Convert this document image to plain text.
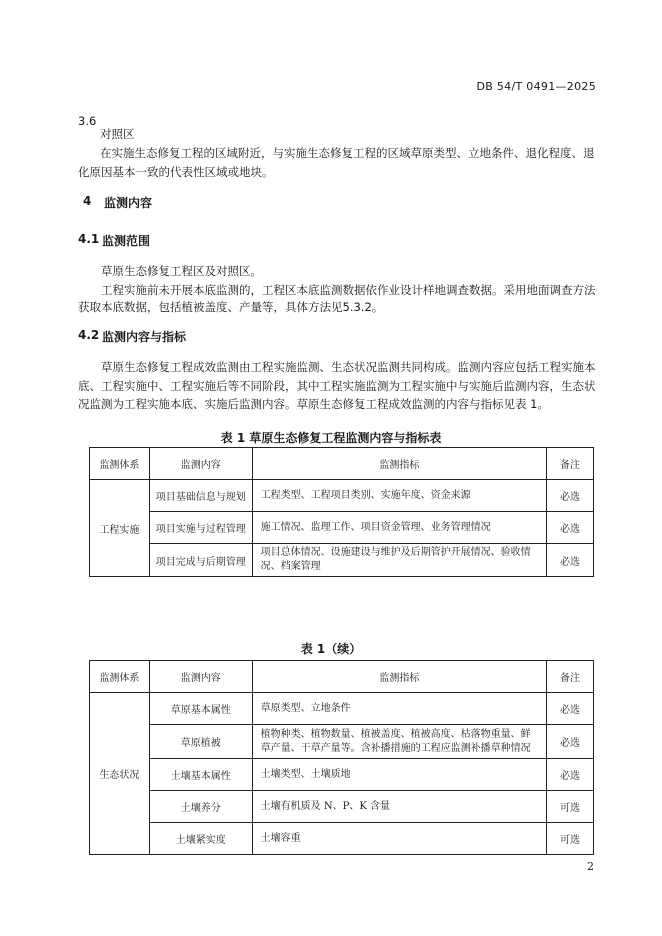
DB 54/T 0491—2025
3.6
对照区
在实施生态修复工程的区域附近，与实施生态修复工程的区域草原类型、立地条件、退化程度、退
化原因基本一致的代表性区域或地块。
4 监测内容
4.1 监测范围
草原生态修复工程区及对照区。
工程实施前未开展本底监测的，工程区本底监测数据依作业设计样地调查数据。采用地面调查方法
获取本底数据，包括植被盖度、产量等，具体方法见5.3.2。
4.2 监测内容与指标
草原生态修复工程成效监测由工程实施监测、生态状况监测共同构成。监测内容应包括工程实施本
底、工程实施中、工程实施后等不同阶段，其中工程实施监测为工程实施中与实施后监测内容，生态状
况监测为工程实施本底、实施后监测内容。草原生态修复工程成效监测的内容与指标见表 1。
表 1 草原生态修复工程监测内容与指标表
监测体系	监测内容	监测指标	备注
工程实施	项目基础信息与规划	工程类型、工程项目类别、实施年度、资金来源	必选
	项目实施与过程管理	施工情况、监理工作、项目资金管理、业务管理情况	必选
	项目完成与后期管理	项目总体情况、设施建设与维护及后期管护开展情况、验收情况、档案管理	必选
表 1（续）
监测体系	监测内容	监测指标	备注
生态状况	草原基本属性	草原类型、立地条件	必选
	草原植被	植物种类、植物数量、植被盖度、植被高度、枯落物重量、鲜草产量、干草产量等。含补播措施的工程应监测补播草种情况	必选
	土壤基本属性	土壤类型、土壤质地	必选
	土壤养分	土壤有机质及 N、P、K 含量	可选
	土壤紧实度	土壤容重	可选
2
